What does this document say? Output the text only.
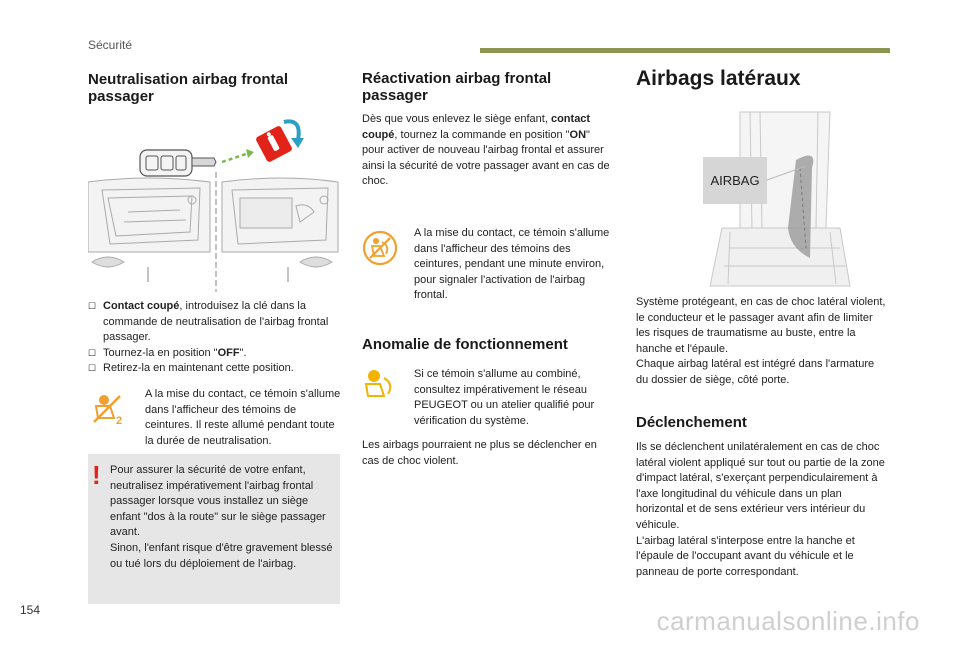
Sécurité
Neutralisation airbag frontal passager
☐ Contact coupé, introduisez la clé dans la commande de neutralisation de l'airbag frontal passager.
☐ Tournez-la en position "OFF".
☐ Retirez-la en maintenant cette position.
2

A la mise du contact, ce témoin s'allume dans l'afficheur des témoins de ceintures. Il reste allumé pendant toute la durée de neutralisation.

! Pour assurer la sécurité de votre enfant, neutralisez impérativement l'airbag frontal passager lorsque vous installez un siège enfant "dos à la route" sur le siège passager avant.
Sinon, l'enfant risque d'être gravement blessé ou tué lors du déploiement de l'airbag.

Réactivation airbag frontal passager

Dès que vous enlevez le siège enfant, contact coupé, tournez la commande en position "ON" pour activer de nouveau l'airbag frontal et assurer ainsi la sécurité de votre passager avant en cas de choc.

A la mise du contact, ce témoin s'allume dans l'afficheur des témoins des ceintures, pendant une minute environ, pour signaler l'activation de l'airbag frontal.

Anomalie de fonctionnement

Si ce témoin s'allume au combiné, consultez impérativement le réseau PEUGEOT ou un atelier qualifié pour vérification du système.

Les airbags pourraient ne plus se déclencher en cas de choc violent.

Airbags latéraux
AIRBAG

Système protégeant, en cas de choc latéral violent, le conducteur et le passager avant afin de limiter les risques de traumatisme au buste, entre la hanche et l'épaule.
Chaque airbag latéral est intégré dans l'armature du dossier de siège, côté porte.

Déclenchement

Ils se déclenchent unilatéralement en cas de choc latéral violent appliqué sur tout ou partie de la zone d'impact latéral, s'exerçant perpendiculairement à l'axe longitudinal du véhicule dans un plan horizontal et de sens extérieur vers intérieur du véhicule.
L'airbag latéral s'interpose entre la hanche et l'épaule de l'occupant avant du véhicule et le panneau de porte correspondant.

154	carmanualsonline.info
